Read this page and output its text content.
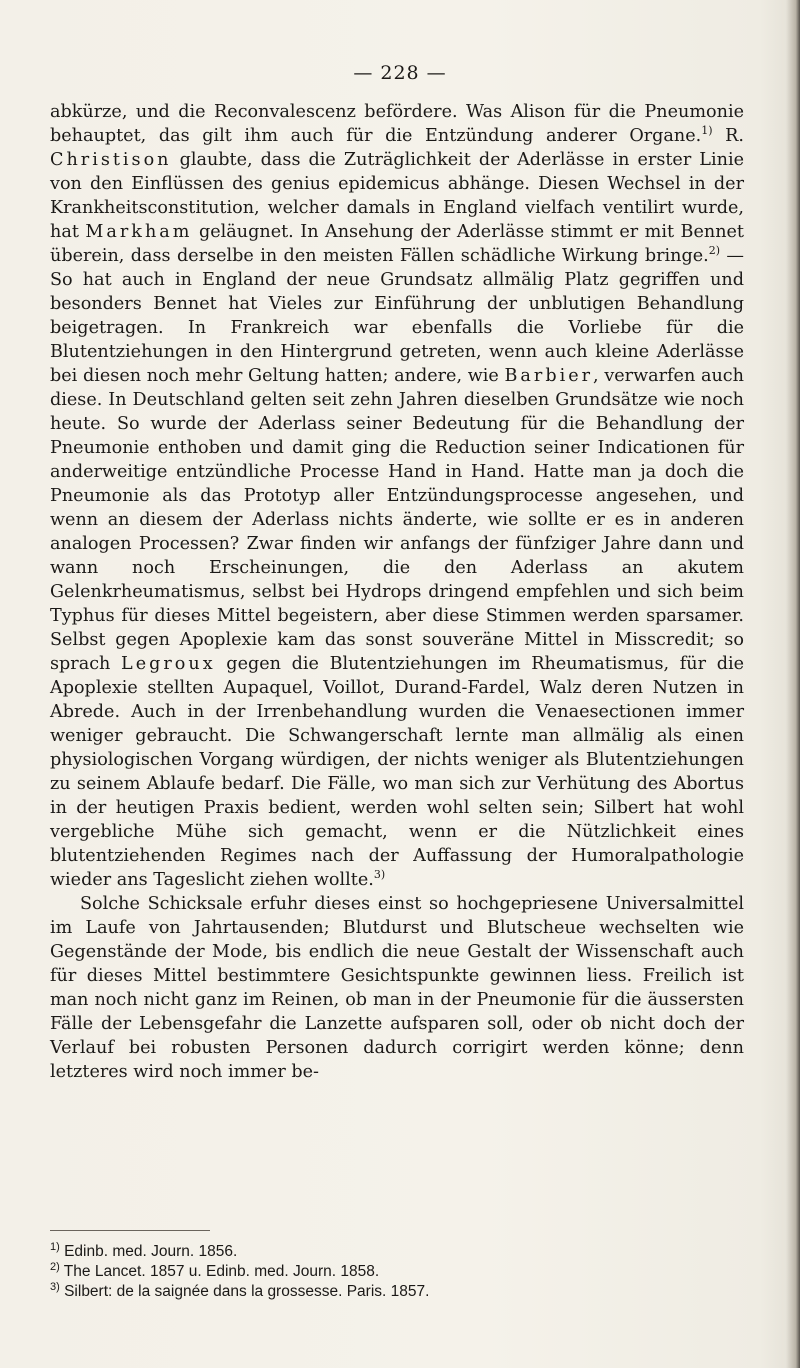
— 228 —

abkürze, und die Reconvalescenz befördere. Was Alison für die Pneumonie behauptet, das gilt ihm auch für die Entzündung anderer Organe.$^{1)}$ R. Christison glaubte, dass die Zuträglichkeit der Aderlässe in erster Linie von den Einflüssen des genius epidemicus abhänge. Diesen Wechsel in der Krankheitsconstitution, welcher damals in England vielfach ventilirt wurde, hat Markham geläugnet. In Ansehung der Aderlässe stimmt er mit Bennet überein, dass derselbe in den meisten Fällen schädliche Wirkung bringe.$^{2)}$ — So hat auch in England der neue Grundsatz allmälig Platz gegriffen und besonders Bennet hat Vieles zur Einführung der unblutigen Behandlung beigetragen. In Frankreich war ebenfalls die Vorliebe für die Blutentziehungen in den Hintergrund getreten, wenn auch kleine Aderlässe bei diesen noch mehr Geltung hatten; andere, wie Barbier, verwarfen auch diese. In Deutschland gelten seit zehn Jahren dieselben Grundsätze wie noch heute. So wurde der Aderlass seiner Bedeutung für die Behandlung der Pneumonie enthoben und damit ging die Reduction seiner Indicationen für anderweitige entzündliche Processe Hand in Hand. Hatte man ja doch die Pneumonie als das Prototyp aller Entzündungsprocesse angesehen, und wenn an diesem der Aderlass nichts änderte, wie sollte er es in anderen analogen Processen? Zwar finden wir anfangs der fünfziger Jahre dann und wann noch Erscheinungen, die den Aderlass an akutem Gelenkrheumatismus, selbst bei Hydrops dringend empfehlen und sich beim Typhus für dieses Mittel begeistern, aber diese Stimmen werden sparsamer. Selbst gegen Apoplexie kam das sonst souveräne Mittel in Misscredit; so sprach Legroux gegen die Blutentziehungen im Rheumatismus, für die Apoplexie stellten Aupaquel, Voillot, Durand-Fardel, Walz deren Nutzen in Abrede. Auch in der Irrenbehandlung wurden die Venaesectionen immer weniger gebraucht. Die Schwangerschaft lernte man allmälig als einen physiologischen Vorgang würdigen, der nichts weniger als Blutentziehungen zu seinem Ablaufe bedarf. Die Fälle, wo man sich zur Verhütung des Abortus in der heutigen Praxis bedient, werden wohl selten sein; Silbert hat wohl vergebliche Mühe sich gemacht, wenn er die Nützlichkeit eines blutentziehenden Regimes nach der Auffassung der Humoralpathologie wieder ans Tageslicht ziehen wollte.$^{3)}$

Solche Schicksale erfuhr dieses einst so hochgepriesene Universalmittel im Laufe von Jahrtausenden; Blutdurst und Blutscheue wechselten wie Gegenstände der Mode, bis endlich die neue Gestalt der Wissenschaft auch für dieses Mittel bestimmtere Gesichtspunkte gewinnen liess. Freilich ist man noch nicht ganz im Reinen, ob man in der Pneumonie für die äussersten Fälle der Lebensgefahr die Lanzette aufsparen soll, oder ob nicht doch der Verlauf bei robusten Personen dadurch corrigirt werden könne; denn letzteres wird noch immer be-

$^{1)}$ Edinb. med. Journ. 1856.

$^{2)}$ The Lancet. 1857 u. Edinb. med. Journ. 1858.

$^{3)}$ Silbert: de la saignée dans la grossesse. Paris. 1857.
